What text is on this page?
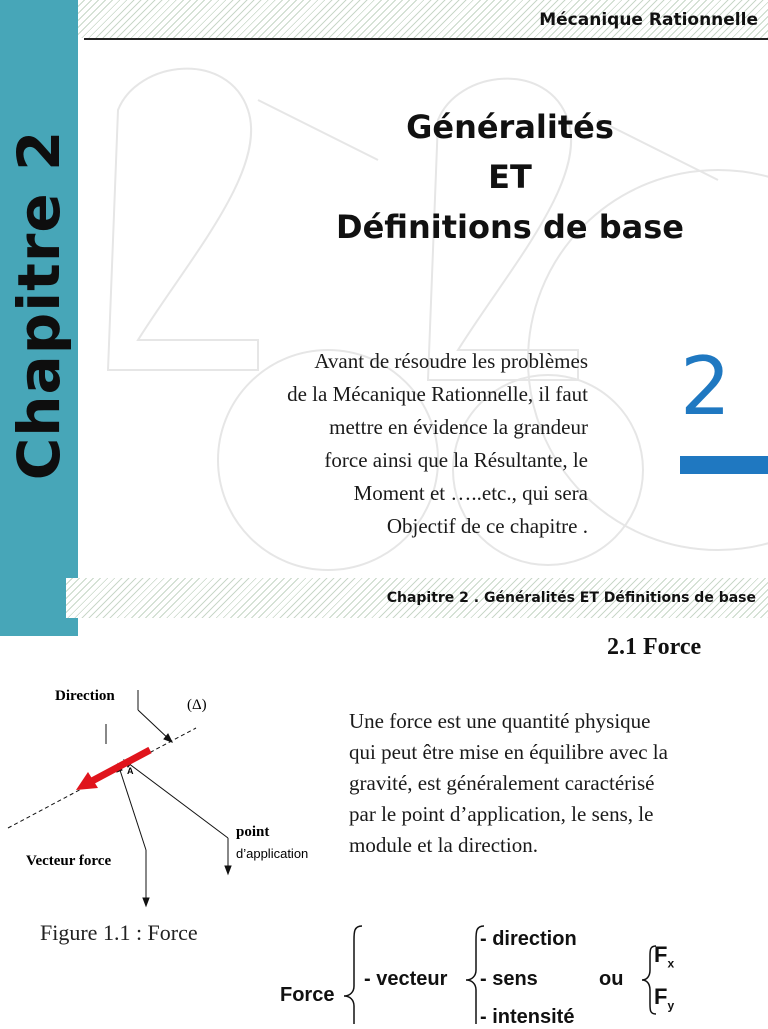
Chapitre 2
Mécanique Rationnelle
Généralités
ET
Définitions de base
Avant de résoudre les problèmes
de la Mécanique Rationnelle, il faut
mettre en évidence la grandeur
force ainsi que la Résultante, le
Moment et …..etc., qui sera
Objectif de ce chapitre .
2
Chapitre 2 . Généralités ET Définitions de base
2.1 Force
Une force est une quantité physique
qui peut être mise en équilibre avec la
gravité, est généralement caractérisé
par le point d’application, le sens, le
module et la direction.
Direction
(Δ)
A
point
d’application
Vecteur force
Figure 1.1 : Force
Force
- vecteur
- direction
- sens
- intensité
ou
$F_x$
$F_y$
